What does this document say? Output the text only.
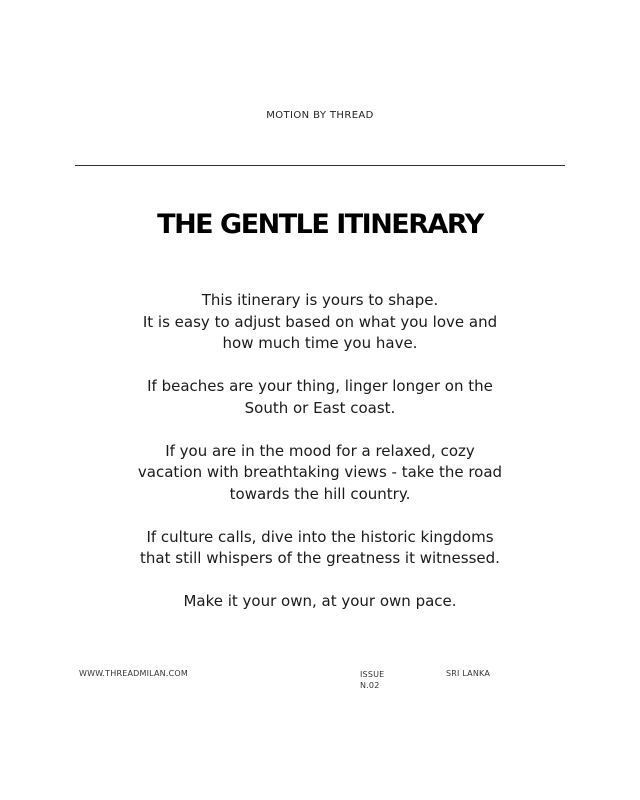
MOTION BY THREAD
THE GENTLE ITINERARY

This itinerary is yours to shape.
It is easy to adjust based on what you love and
how much time you have.

If beaches are your thing, linger longer on the
South or East coast.

If you are in the mood for a relaxed, cozy
vacation with breathtaking views - take the road
towards the hill country.

If culture calls, dive into the historic kingdoms
that still whispers of the greatness it witnessed.

Make it your own, at your own pace.

WWW.THREADMILAN.COM	ISSUE
N.02
SRI LANKA
